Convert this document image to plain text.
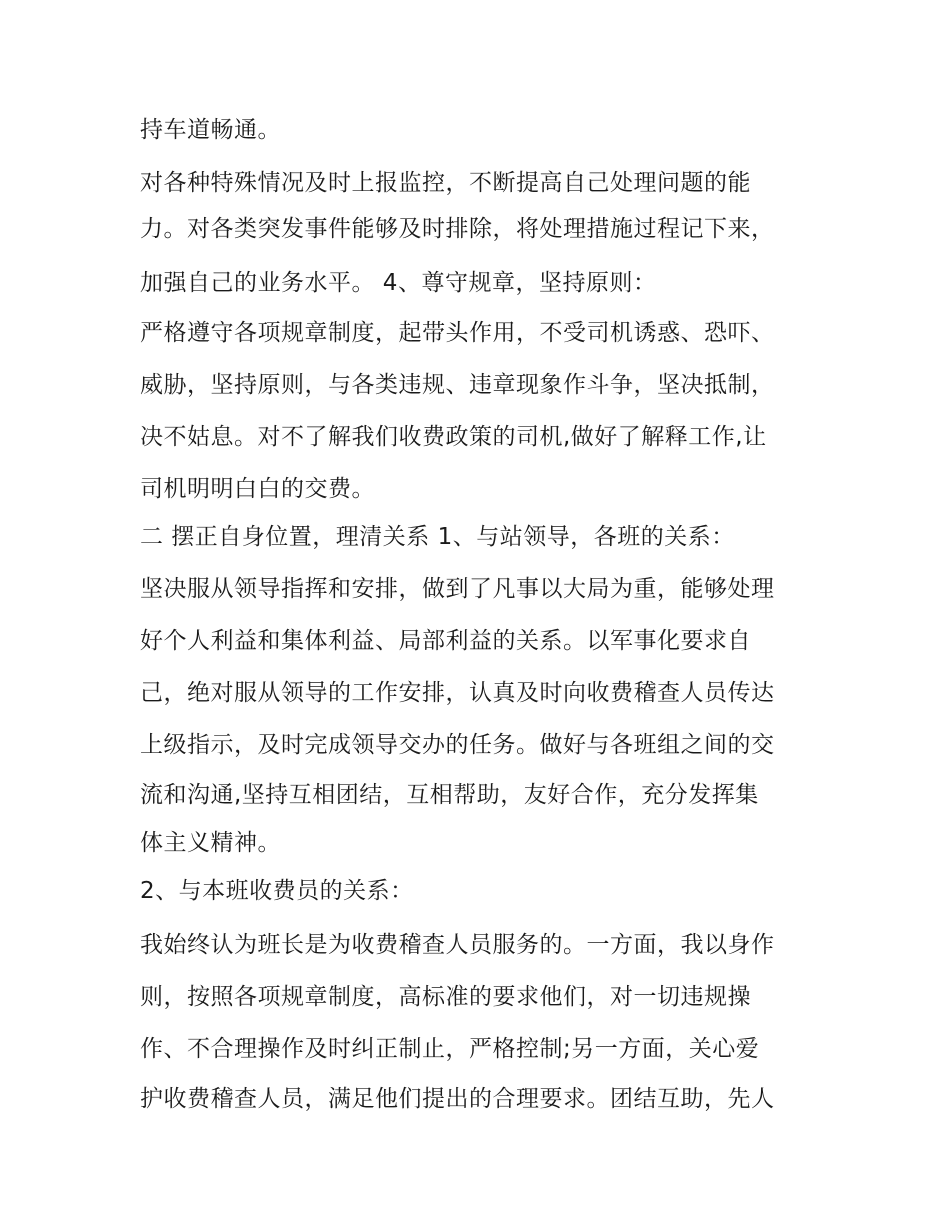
持车道畅通。
对各种特殊情况及时上报监控，不断提高自己处理问题的能
力。对各类突发事件能够及时排除，将处理措施过程记下来，
加强自己的业务水平。 4、尊守规章，坚持原则：
严格遵守各项规章制度，起带头作用，不受司机诱惑、恐吓、
威胁，坚持原则，与各类违规、违章现象作斗争，坚决抵制，
决不姑息。对不了解我们收费政策的司机,做好了解释工作,让
司机明明白白的交费。
二 摆正自身位置，理清关系 1、与站领导，各班的关系：
坚决服从领导指挥和安排，做到了凡事以大局为重，能够处理
好个人利益和集体利益、局部利益的关系。以军事化要求自
己，绝对服从领导的工作安排，认真及时向收费稽查人员传达
上级指示，及时完成领导交办的任务。做好与各班组之间的交
流和沟通,坚持互相团结，互相帮助，友好合作，充分发挥集
体主义精神。
2、与本班收费员的关系：
我始终认为班长是为收费稽查人员服务的。一方面，我以身作
则，按照各项规章制度，高标准的要求他们，对一切违规操
作、不合理操作及时纠正制止，严格控制;另一方面，关心爱
护收费稽查人员，满足他们提出的合理要求。团结互助，先人
